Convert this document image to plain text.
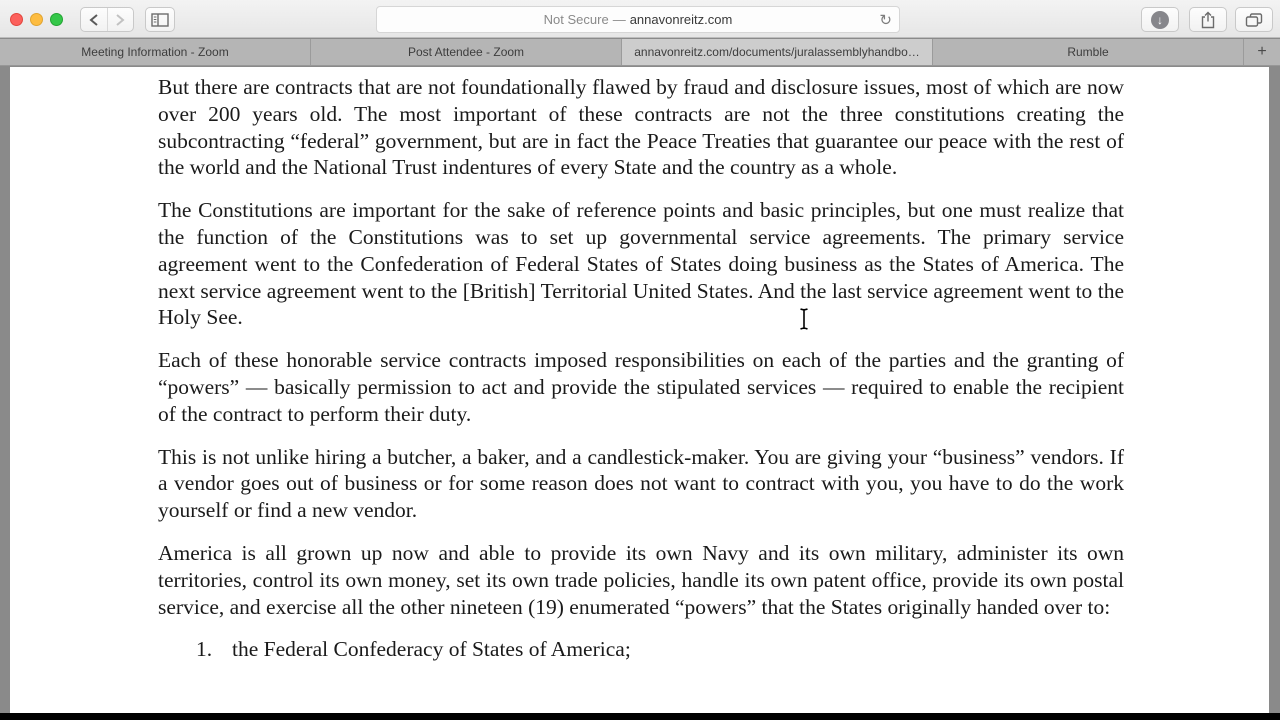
Not Secure — annavonreitz.com	↻	↓
Meeting Information - Zoom	Post Attendee - Zoom	annavonreitz.com/documents/juralassemblyhandbo…	Rumble	+

But there are contracts that are not foundationally flawed by fraud and disclosure issues, most of which are now over 200 years old. The most important of these contracts are not the three constitutions creating the subcontracting “federal” government, but are in fact the Peace Treaties that guarantee our peace with the rest of the world and the National Trust indentures of every State and the country as a whole.

The Constitutions are important for the sake of reference points and basic principles, but one must realize that the function of the Constitutions was to set up governmental service agreements. The primary service agreement went to the Confederation of Federal States of States doing business as the States of America. The next service agreement went to the [British] Territorial United States. And the last service agreement went to the Holy See.

Each of these honorable service contracts imposed responsibilities on each of the parties and the granting of “powers” — basically permission to act and provide the stipulated services — required to enable the recipient of the contract to perform their duty.

This is not unlike hiring a butcher, a baker, and a candlestick-maker. You are giving your “business” vendors. If a vendor goes out of business or for some reason does not want to contract with you, you have to do the work yourself or find a new vendor.

America is all grown up now and able to provide its own Navy and its own military, administer its own territories, control its own money, set its own trade policies, handle its own patent office, provide its own postal service, and exercise all the other nineteen (19) enumerated “powers” that the States originally handed over to:

1. the Federal Confederacy of States of America;
